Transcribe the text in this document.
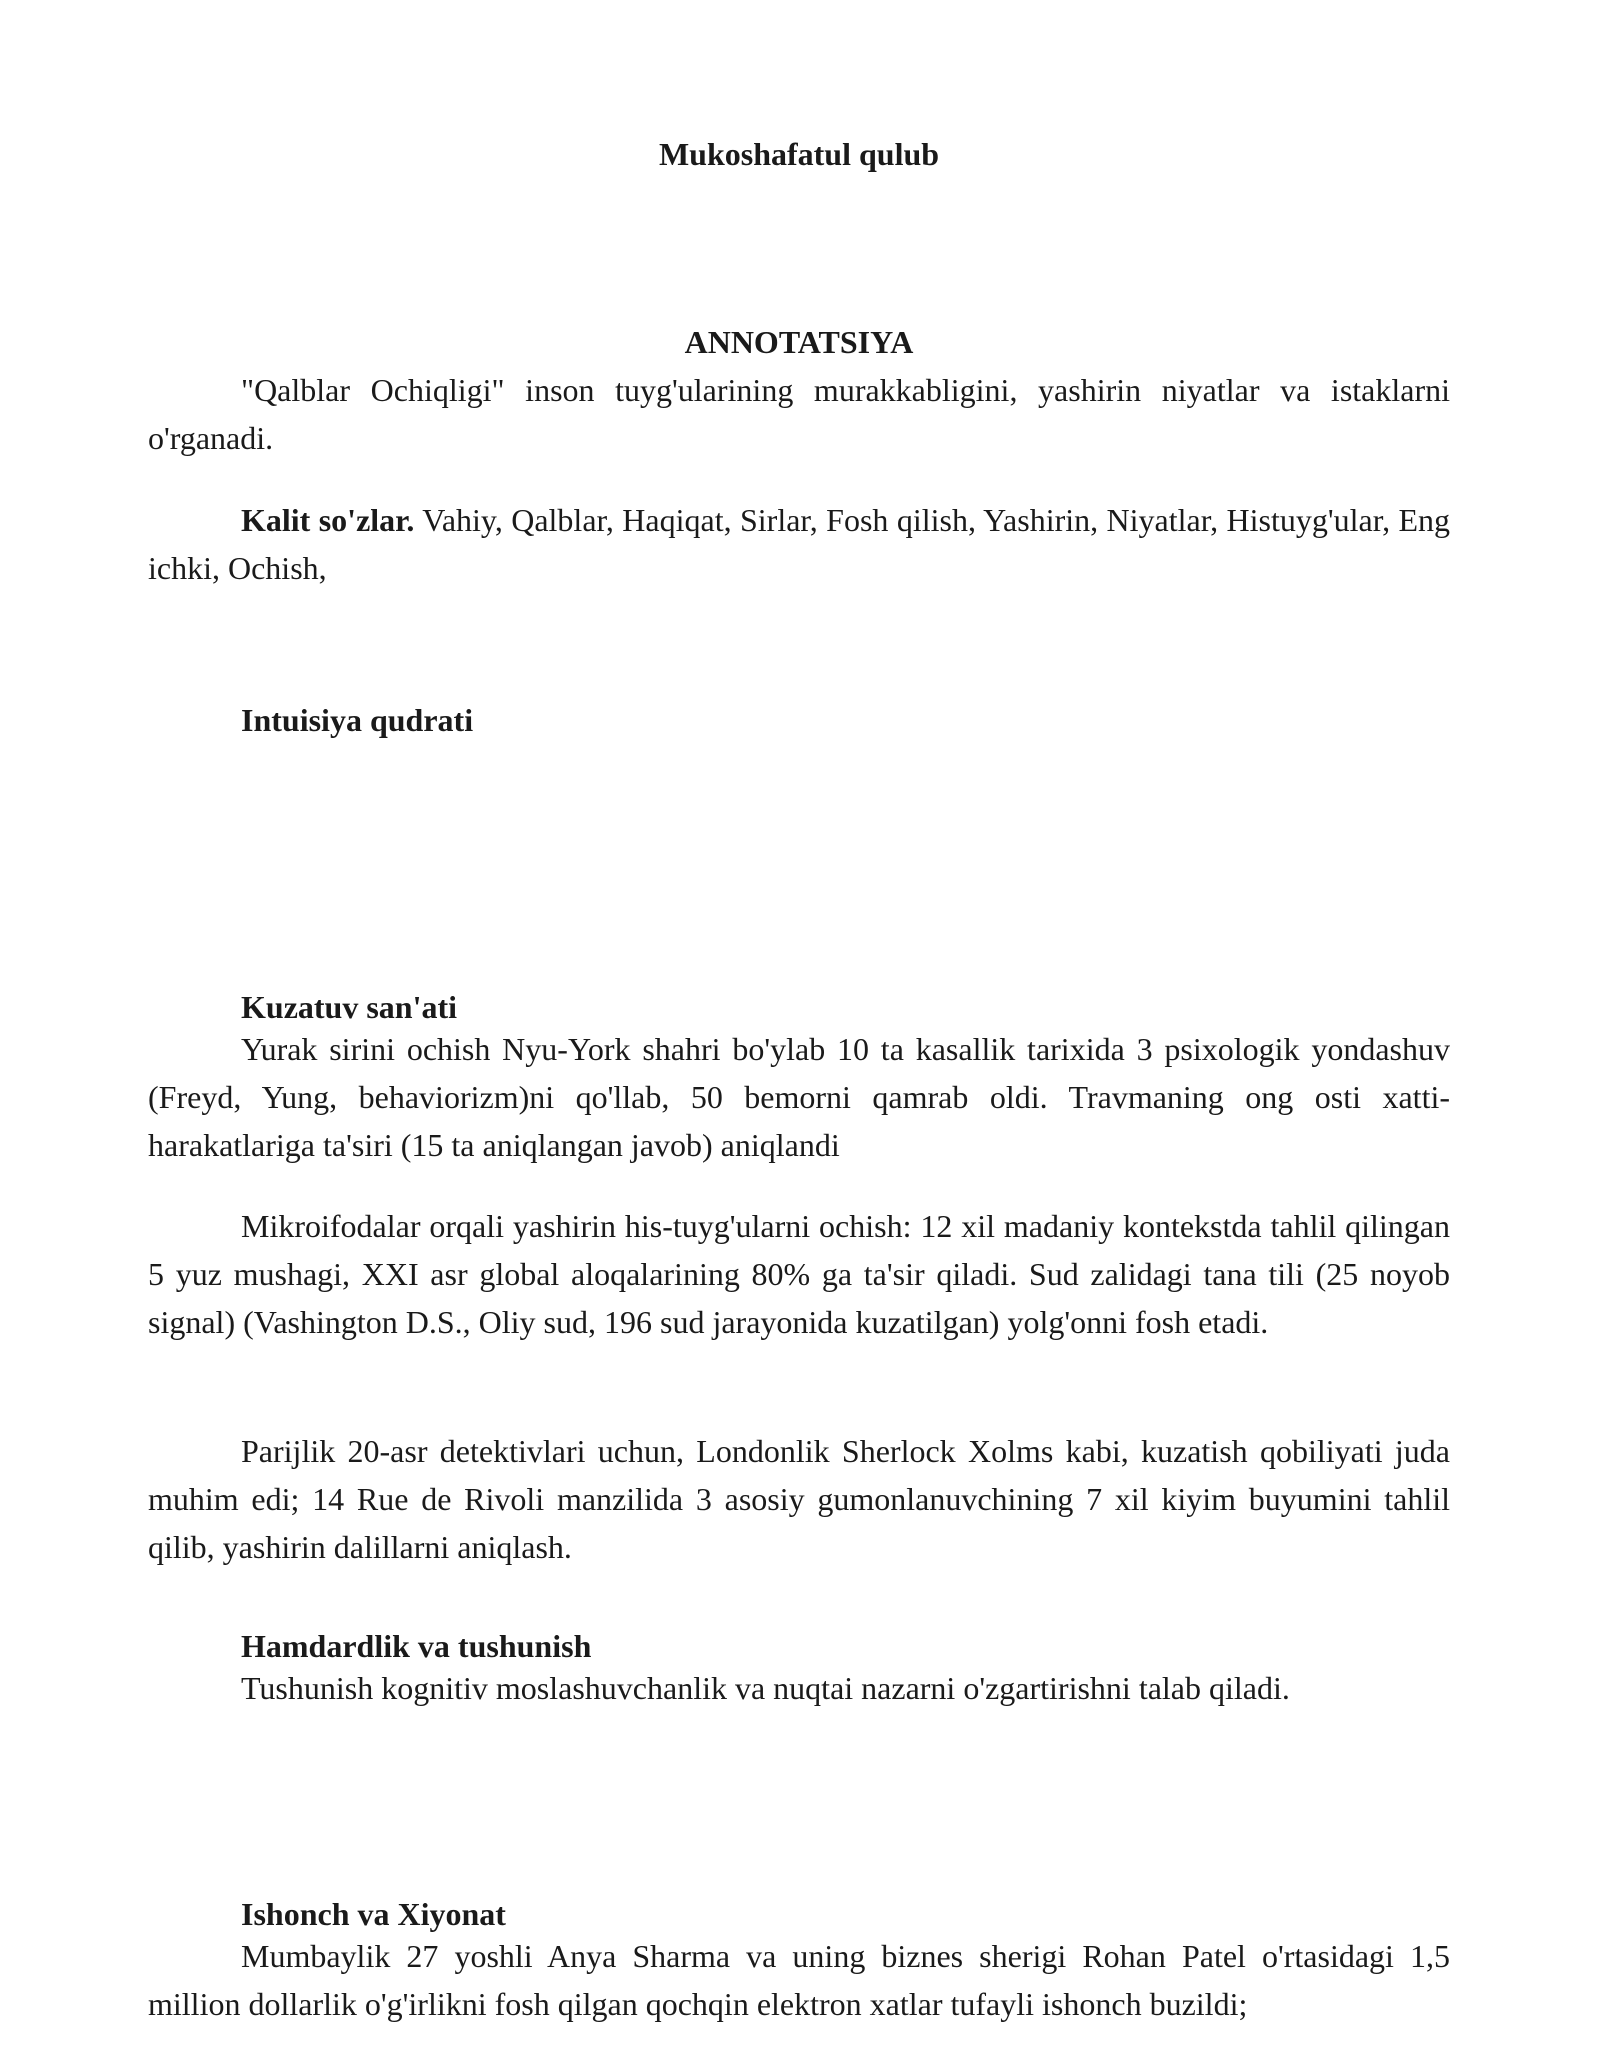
Mukoshafatul qulub

ANNOTATSIYA

"Qalblar Ochiqligi" inson tuyg'ularining murakkabligini, yashirin niyatlar va istaklarni o'rganadi.

Kalit so'zlar. Vahiy, Qalblar, Haqiqat, Sirlar, Fosh qilish, Yashirin, Niyatlar, Histuyg'ular, Eng ichki, Ochish,

Intuisiya qudrati

Kuzatuv san'ati

Yurak sirini ochish Nyu-York shahri bo'ylab 10 ta kasallik tarixida 3 psixologik yondashuv (Freyd, Yung, behaviorizm)ni qo'llab, 50 bemorni qamrab oldi. Travmaning ong osti xatti-harakatlariga ta'siri (15 ta aniqlangan javob) aniqlandi

Mikroifodalar orqali yashirin his-tuyg'ularni ochish: 12 xil madaniy kontekstda tahlil qilingan 5 yuz mushagi, XXI asr global aloqalarining 80% ga ta'sir qiladi. Sud zalidagi tana tili (25 noyob signal) (Vashington D.S., Oliy sud, 196 sud jarayonida kuzatilgan) yolg'onni fosh etadi.

Parijlik 20-asr detektivlari uchun, Londonlik Sherlock Xolms kabi, kuzatish qobiliyati juda muhim edi; 14 Rue de Rivoli manzilida 3 asosiy gumonlanuvchining 7 xil kiyim buyumini tahlil qilib, yashirin dalillarni aniqlash.

Hamdardlik va tushunish

Tushunish kognitiv moslashuvchanlik va nuqtai nazarni o'zgartirishni talab qiladi.

Ishonch va Xiyonat

Mumbaylik 27 yoshli Anya Sharma va uning biznes sherigi Rohan Patel o'rtasidagi 1,5 million dollarlik o'g'irlikni fosh qilgan qochqin elektron xatlar tufayli ishonch buzildi;
